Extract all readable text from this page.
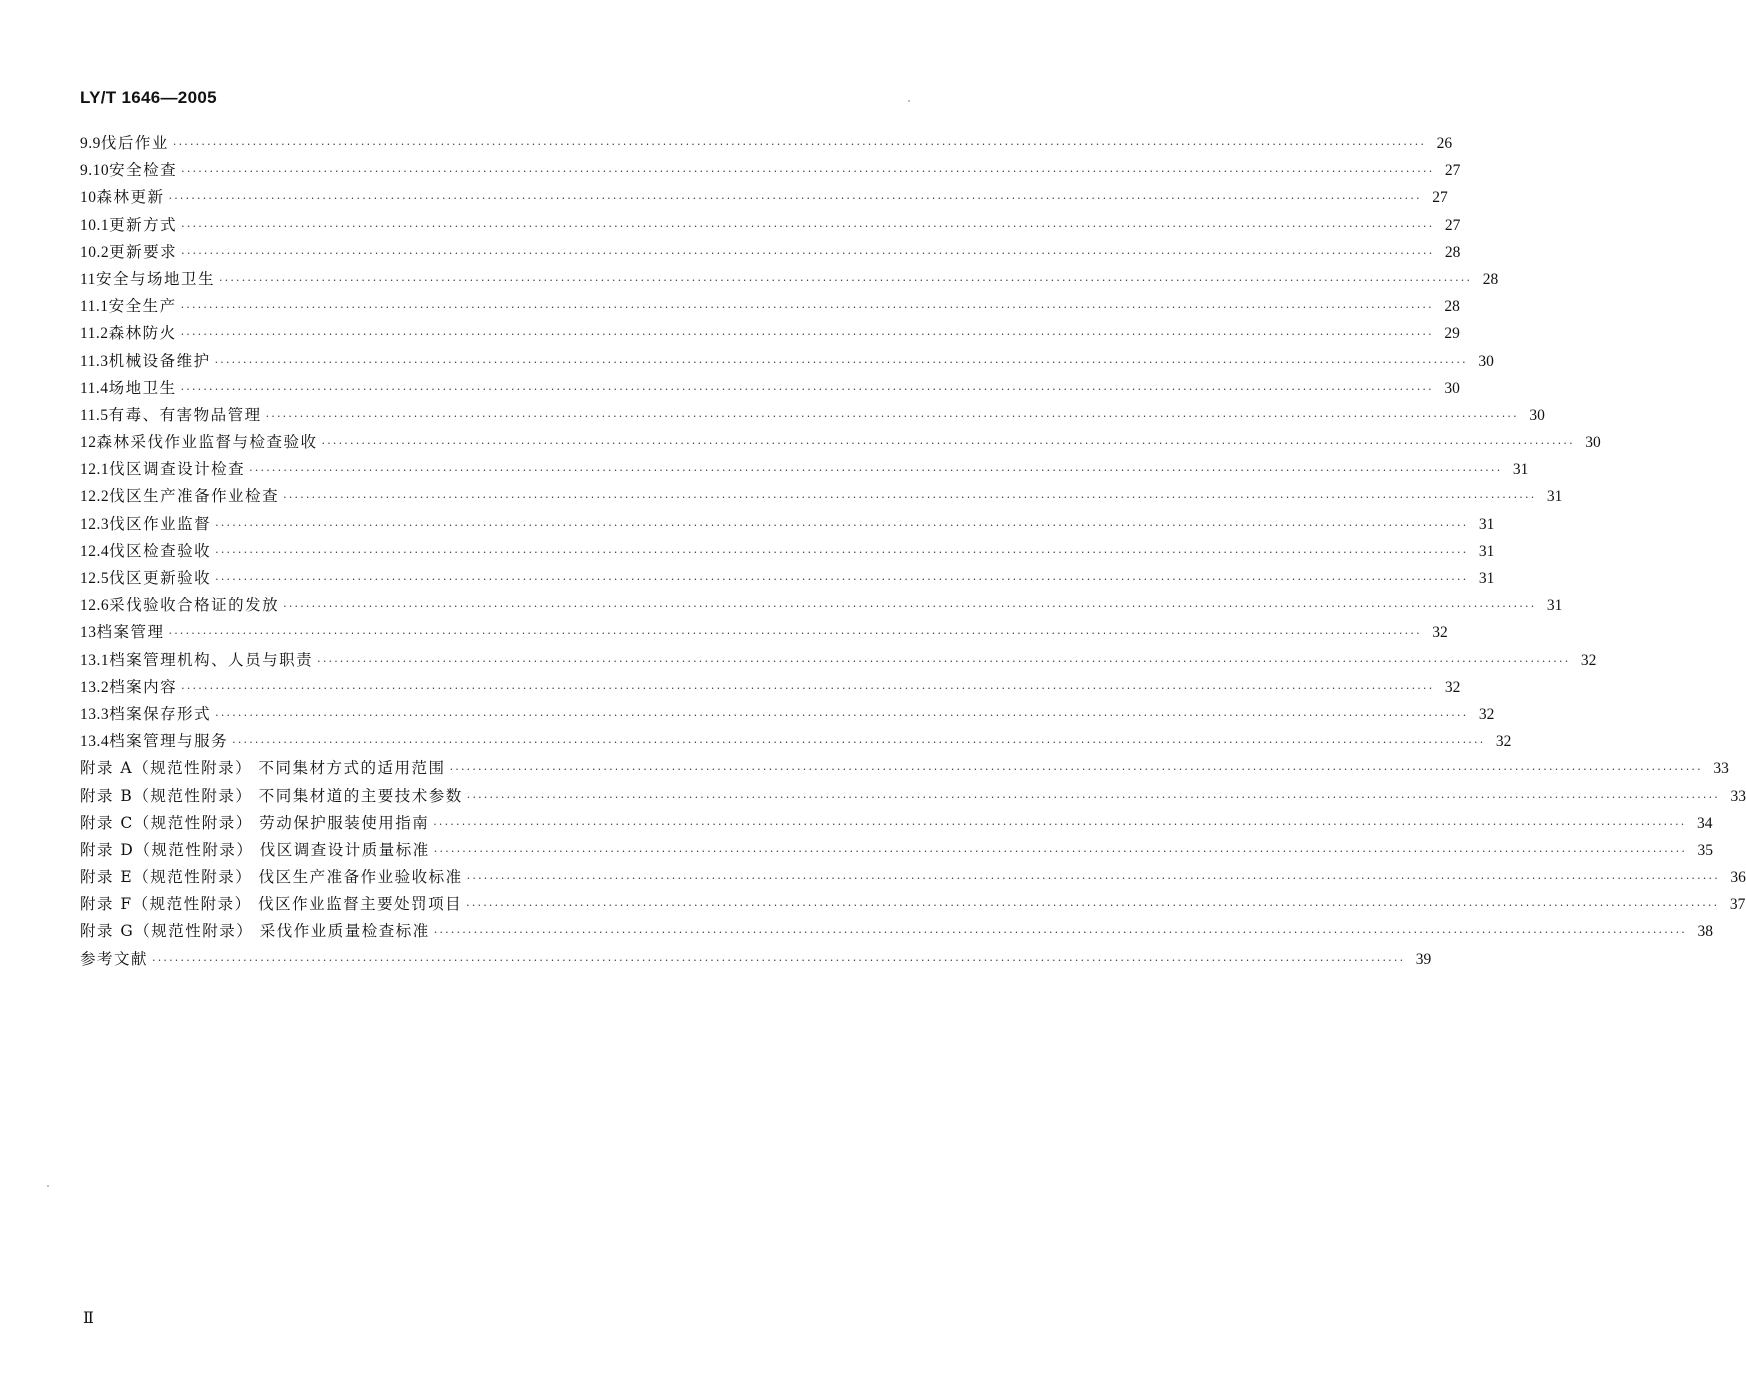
LY/T 1646—2005
9.9 伐后作业 ···························································································································································································································· 26
9.10 安全检查 ···························································································································································································································· 27
10 森林更新 ···························································································································································································································· 27
10.1 更新方式 ···························································································································································································································· 27
10.2 更新要求 ···························································································································································································································· 28
11 安全与场地卫生 ···························································································································································································································· 28
11.1 安全生产 ···························································································································································································································· 28
11.2 森林防火 ···························································································································································································································· 29
11.3 机械设备维护 ···························································································································································································································· 30
11.4 场地卫生 ···························································································································································································································· 30
11.5 有毒、有害物品管理 ···························································································································································································································· 30
12 森林采伐作业监督与检查验收 ···························································································································································································································· 30
12.1 伐区调查设计检查 ···························································································································································································································· 31
12.2 伐区生产准备作业检查 ···························································································································································································································· 31
12.3 伐区作业监督 ···························································································································································································································· 31
12.4 伐区检查验收 ···························································································································································································································· 31
12.5 伐区更新验收 ···························································································································································································································· 31
12.6 采伐验收合格证的发放 ···························································································································································································································· 31
13 档案管理 ···························································································································································································································· 32
13.1 档案管理机构、人员与职责 ···························································································································································································································· 32
13.2 档案内容 ···························································································································································································································· 32
13.3 档案保存形式 ···························································································································································································································· 32
13.4 档案管理与服务 ···························································································································································································································· 32
附录 A（规范性附录） 不同集材方式的适用范围 ···························································································································································································································· 33
附录 B（规范性附录） 不同集材道的主要技术参数 ···························································································································································································································· 33
附录 C（规范性附录） 劳动保护服装使用指南 ···························································································································································································································· 34
附录 D（规范性附录） 伐区调查设计质量标准 ···························································································································································································································· 35
附录 E（规范性附录） 伐区生产准备作业验收标准 ···························································································································································································································· 36
附录 F（规范性附录） 伐区作业监督主要处罚项目 ···························································································································································································································· 37
附录 G（规范性附录） 采伐作业质量检查标准 ···························································································································································································································· 38
参考文献 ···························································································································································································································· 39
Ⅱ
